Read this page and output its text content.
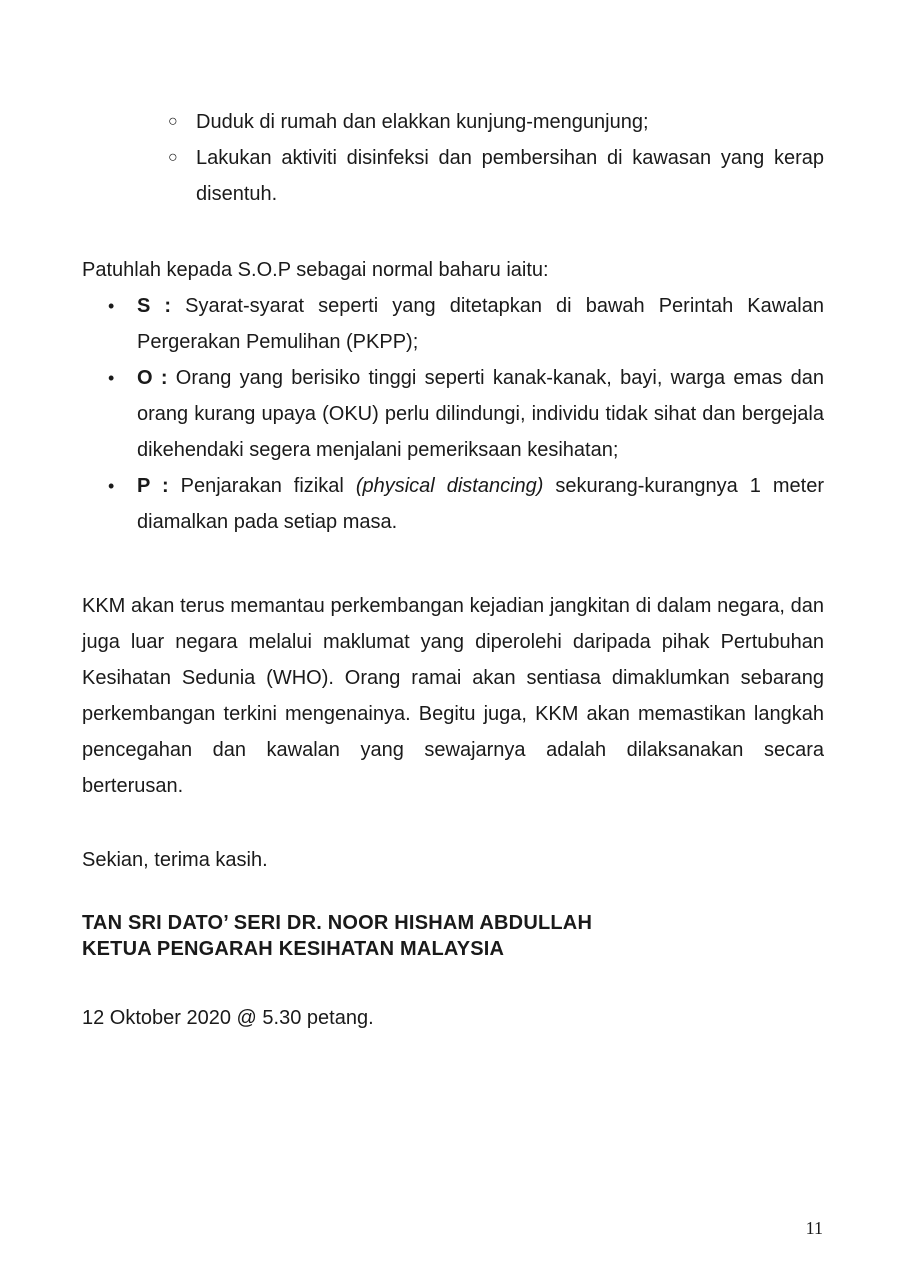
○ Duduk di rumah dan elakkan kunjung-mengunjung;
○ Lakukan aktiviti disinfeksi dan pembersihan di kawasan yang kerap disentuh.

Patuhlah kepada S.O.P sebagai normal baharu iaitu:

• S : Syarat-syarat seperti yang ditetapkan di bawah Perintah Kawalan Pergerakan Pemulihan (PKPP);
• O : Orang yang berisiko tinggi seperti kanak-kanak, bayi, warga emas dan orang kurang upaya (OKU) perlu dilindungi, individu tidak sihat dan bergejala dikehendaki segera menjalani pemeriksaan kesihatan;
• P : Penjarakan fizikal (physical distancing) sekurang-kurangnya 1 meter diamalkan pada setiap masa.

KKM akan terus memantau perkembangan kejadian jangkitan di dalam negara, dan juga luar negara melalui maklumat yang diperolehi daripada pihak Pertubuhan Kesihatan Sedunia (WHO). Orang ramai akan sentiasa dimaklumkan sebarang perkembangan terkini mengenainya. Begitu juga, KKM akan memastikan langkah pencegahan dan kawalan yang sewajarnya adalah dilaksanakan secara berterusan.

Sekian, terima kasih.

TAN SRI DATO’ SERI DR. NOOR HISHAM ABDULLAH
KETUA PENGARAH KESIHATAN MALAYSIA

12 Oktober 2020 @ 5.30 petang.

11
